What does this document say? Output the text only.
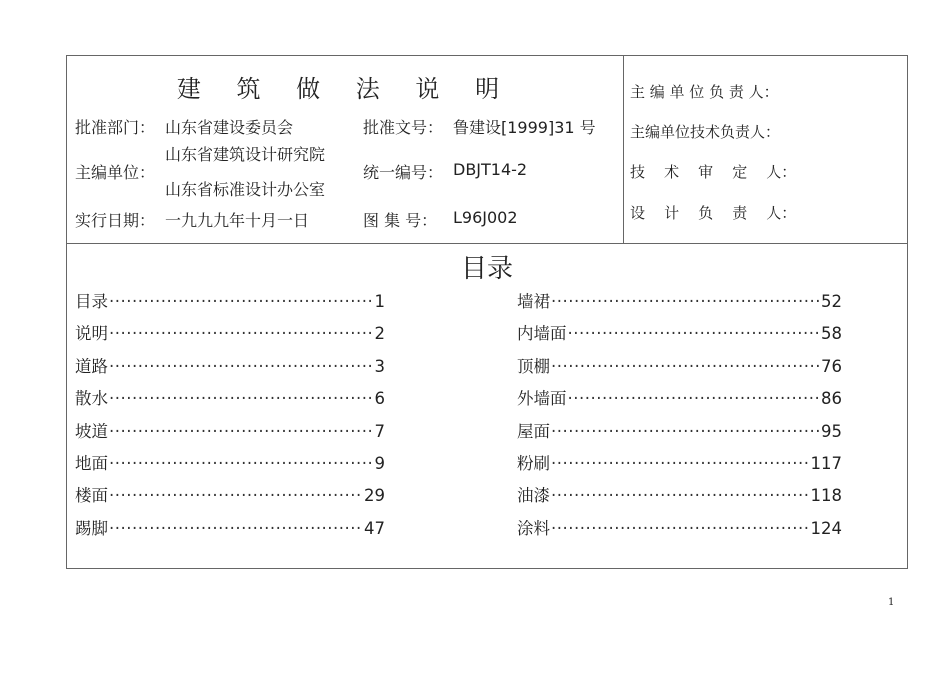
建 筑 做 法 说 明
批准部门： 山东省建设委员会	批准文号： 鲁建设[1999]31 号
主编单位：
山东省建筑设计研究院
山东省标准设计办公室
统一编号： DBJT14-2
实行日期： 一九九九年十月一日	图 集 号： L96J002
主 编 单 位 负 责 人：
主编单位技术负责人：
技    术    审    定    人：
设    计    负    责    人：
目录
目录 ·····	1
说明 ·····	2
道路 ·····	3
散水 ·····	6
坡道 ·····	7
地面 ·····	9
楼面 ·····	29
踢脚 ·····	47
墙裙 ·····	52
内墙面 ·····	58
顶棚 ·····	76
外墙面 ·····	86
屋面 ·····	95
粉刷 ·····	117
油漆 ·····	118
涂料 ·····	124
1
